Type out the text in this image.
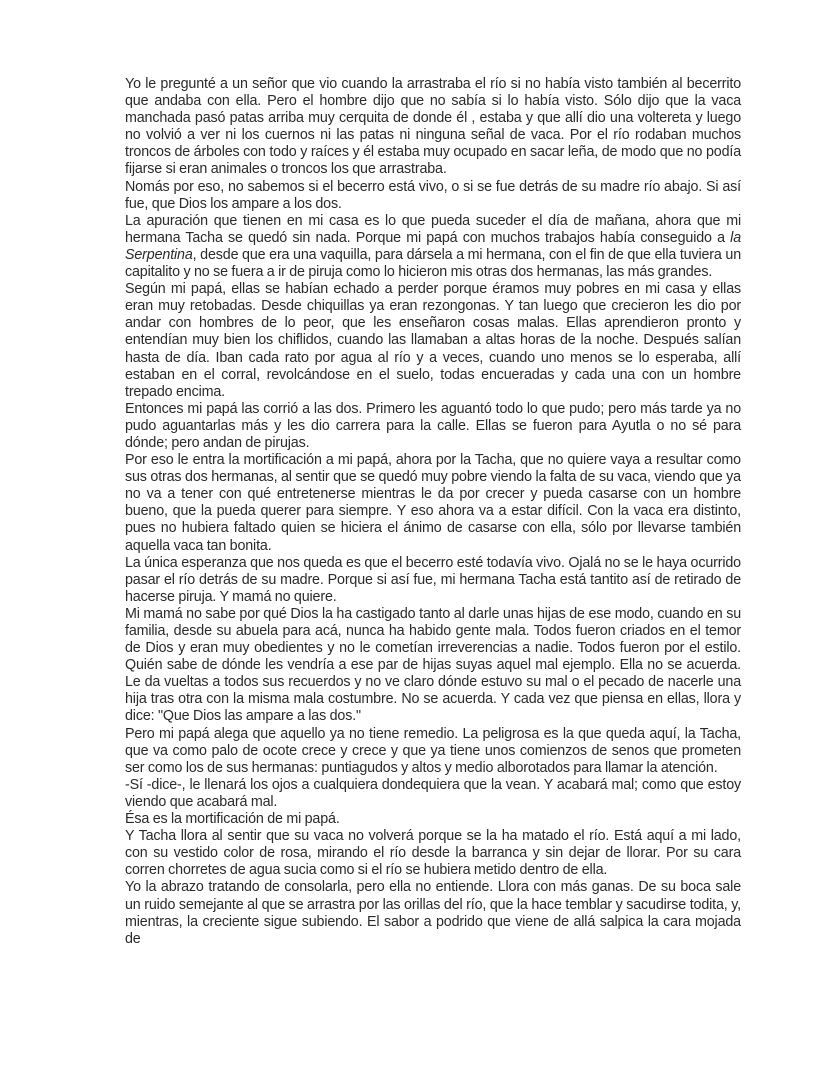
Yo le pregunté a un señor que vio cuando la arrastraba el río si no había visto también al becerrito que andaba con ella. Pero el hombre dijo que no sabía si lo había visto. Sólo dijo que la vaca manchada pasó patas arriba muy cerquita de donde él , estaba y que allí dio una voltereta y luego no volvió a ver ni los cuernos ni las patas ni ninguna señal de vaca. Por el río rodaban muchos troncos de árboles con todo y raíces y él estaba muy ocupado en sacar leña, de modo que no podía fijarse si eran animales o troncos los que arrastraba.

Nomás por eso, no sabemos si el becerro está vivo, o si se fue detrás de su madre río abajo. Si así fue, que Dios los ampare a los dos.

La apuración que tienen en mi casa es lo que pueda suceder el día de mañana, ahora que mi hermana Tacha se quedó sin nada. Porque mi papá con muchos trabajos había conseguido a la Serpentina, desde que era una vaquilla, para dársela a mi hermana, con el fin de que ella tuviera un capitalito y no se fuera a ir de piruja como lo hicieron mis otras dos hermanas, las más grandes.

Según mi papá, ellas se habían echado a perder porque éramos muy pobres en mi casa y ellas eran muy retobadas. Desde chiquillas ya eran rezongonas. Y tan luego que crecieron les dio por andar con hombres de lo peor, que les enseñaron cosas malas. Ellas aprendieron pronto y entendían muy bien los chiflidos, cuando las llamaban a altas horas de la noche. Después salían hasta de día. Iban cada rato por agua al río y a veces, cuando uno menos se lo esperaba, allí estaban en el corral, revolcándose en el suelo, todas encueradas y cada una con un hombre trepado encima.

Entonces mi papá las corrió a las dos. Primero les aguantó todo lo que pudo; pero más tarde ya no pudo aguantarlas más y les dio carrera para la calle. Ellas se fueron para Ayutla o no sé para dónde; pero andan de pirujas.

Por eso le entra la mortificación a mi papá, ahora por la Tacha, que no quiere vaya a resultar como sus otras dos hermanas, al sentir que se quedó muy pobre viendo la falta de su vaca, viendo que ya no va a tener con qué entretenerse mientras le da por crecer y pueda casarse con un hombre bueno, que la pueda querer para siempre. Y eso ahora va a estar difícil. Con la vaca era distinto, pues no hubiera faltado quien se hiciera el ánimo de casarse con ella, sólo por llevarse también aquella vaca tan bonita.

La única esperanza que nos queda es que el becerro esté todavía vivo. Ojalá no se le haya ocurrido pasar el río detrás de su madre. Porque si así fue, mi hermana Tacha está tantito así de retirado de hacerse piruja. Y mamá no quiere.

Mi mamá no sabe por qué Dios la ha castigado tanto al darle unas hijas de ese modo, cuando en su familia, desde su abuela para acá, nunca ha habido gente mala. Todos fueron criados en el temor de Dios y eran muy obedientes y no le cometían irreverencias a nadie. Todos fueron por el estilo. Quién sabe de dónde les vendría a ese par de hijas suyas aquel mal ejemplo. Ella no se acuerda. Le da vueltas a todos sus recuerdos y no ve claro dónde estuvo su mal o el pecado de nacerle una hija tras otra con la misma mala costumbre. No se acuerda. Y cada vez que piensa en ellas, llora y dice: "Que Dios las ampare a las dos."

Pero mi papá alega que aquello ya no tiene remedio. La peligrosa es la que queda aquí, la Tacha, que va como palo de ocote crece y crece y que ya tiene unos comienzos de senos que prometen ser como los de sus hermanas: puntiagudos y altos y medio alborotados para llamar la atención.

-Sí -dice-, le llenará los ojos a cualquiera dondequiera que la vean. Y acabará mal; como que estoy viendo que acabará mal.

Ésa es la mortificación de mi papá.

Y Tacha llora al sentir que su vaca no volverá porque se la ha matado el río. Está aquí a mi lado, con su vestido color de rosa, mirando el río desde la barranca y sin dejar de llorar. Por su cara corren chorretes de agua sucia como si el río se hubiera metido dentro de ella.

Yo la abrazo tratando de consolarla, pero ella no entiende. Llora con más ganas. De su boca sale un ruido semejante al que se arrastra por las orillas del río, que la hace temblar y sacudirse todita, y, mientras, la creciente sigue subiendo. El sabor a podrido que viene de allá salpica la cara mojada de
